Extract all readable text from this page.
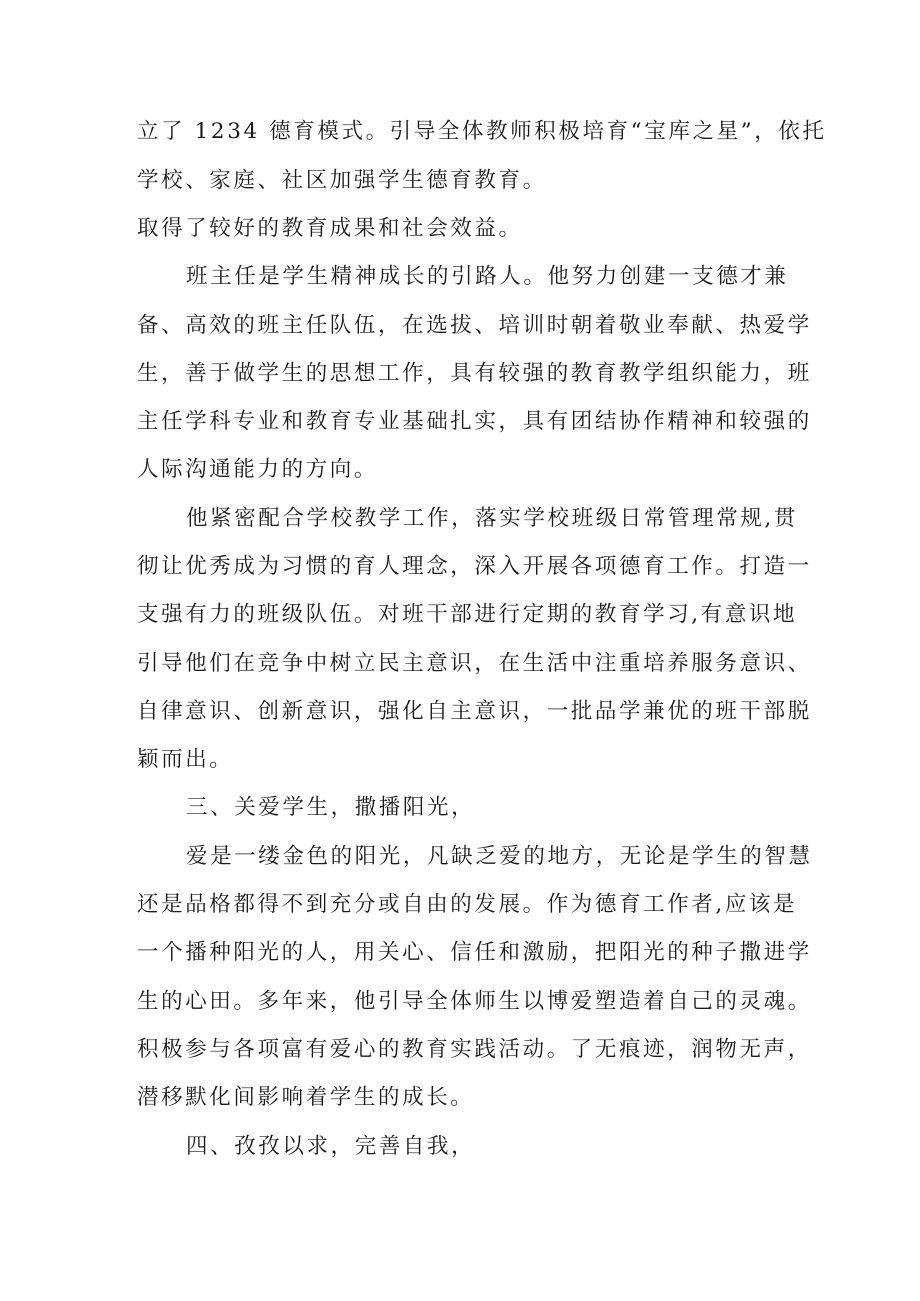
立了 1234 德育模式。引导全体教师积极培育“宝库之星”，依托
学校、家庭、社区加强学生德育教育。
取得了较好的教育成果和社会效益。
班主任是学生精神成长的引路人。他努力创建一支德才兼
备、高效的班主任队伍，在选拔、培训时朝着敬业奉献、热爱学
生，善于做学生的思想工作，具有较强的教育教学组织能力，班
主任学科专业和教育专业基础扎实，具有团结协作精神和较强的
人际沟通能力的方向。
他紧密配合学校教学工作，落实学校班级日常管理常规,贯
彻让优秀成为习惯的育人理念，深入开展各项德育工作。打造一
支强有力的班级队伍。对班干部进行定期的教育学习,有意识地
引导他们在竞争中树立民主意识，在生活中注重培养服务意识、
自律意识、创新意识，强化自主意识，一批品学兼优的班干部脱
颖而出。
三、关爱学生，撒播阳光，
爱是一缕金色的阳光，凡缺乏爱的地方，无论是学生的智慧
还是品格都得不到充分或自由的发展。作为德育工作者,应该是
一个播种阳光的人，用关心、信任和激励，把阳光的种子撒进学
生的心田。多年来，他引导全体师生以博爱塑造着自己的灵魂。
积极参与各项富有爱心的教育实践活动。了无痕迹，润物无声，
潜移默化间影响着学生的成长。
四、孜孜以求，完善自我，
